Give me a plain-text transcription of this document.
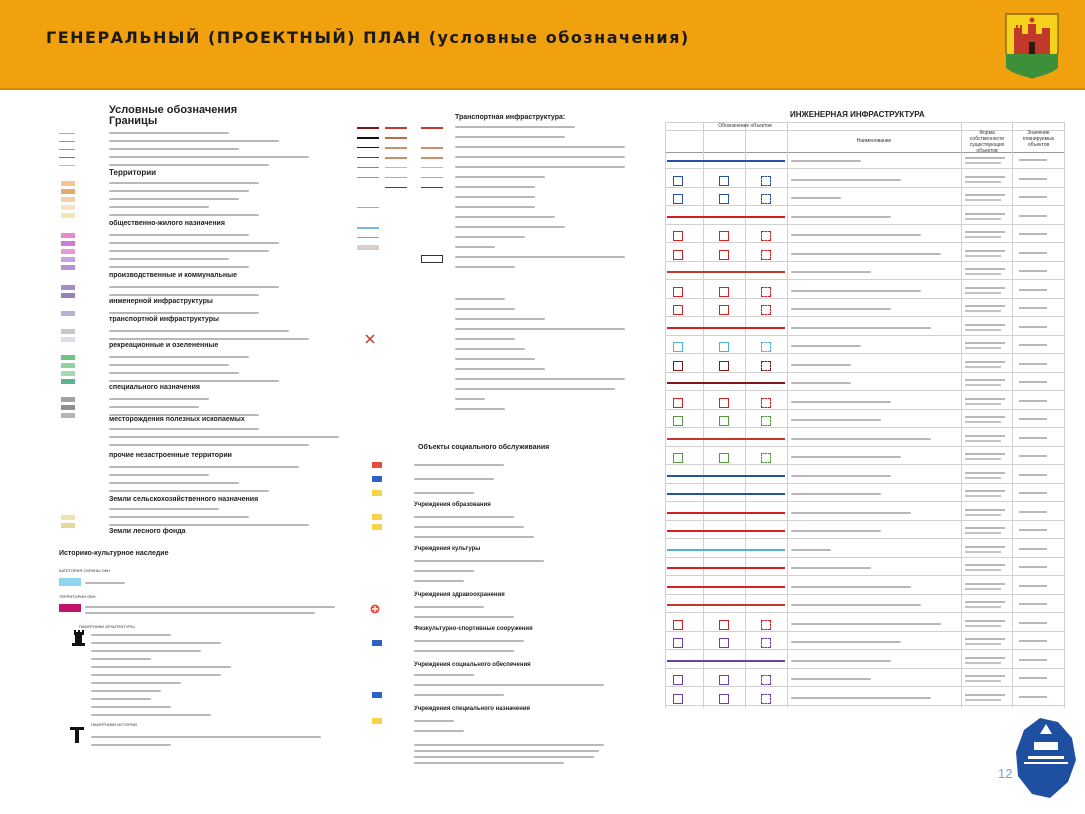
ГЕНЕРАЛЬНЫЙ (ПРОЕКТНЫЙ) ПЛАН (условные обозначения)
Условные обозначения
Границы
Территории
общественно-жилого назначения
производственные и коммунальные
инженерной инфраструктуры
транспортной инфраструктуры
рекреационные и озелененные
специального назначения
месторождения полезных ископаемых
прочие незастроенные территории
Земли сельскохозяйственного назначения
Земли лесного фонда
Историко-культурное наследие
КАТЕГОРИЯ ОХРАНЫ ОКН
ТЕРРИТОРИИ ОКН
ПАМЯТНИКИ АРХИТЕКТУРЫ
ПАМЯТНИКИ ИСТОРИИ
Транспортная инфраструктура:
Объекты социального обслуживания
Учреждения образования
Учреждения культуры
Учреждения здравоохранения
Физкультурно-спортивные сооружения
Учреждения социального обеспечения
Учреждения специального назначения
ИНЖЕНЕРНАЯ ИНФРАСТРУКТУРА
Обозначение объектов
Наименование
Форма собственности существующих объектов
Значение планируемых объектов
12
